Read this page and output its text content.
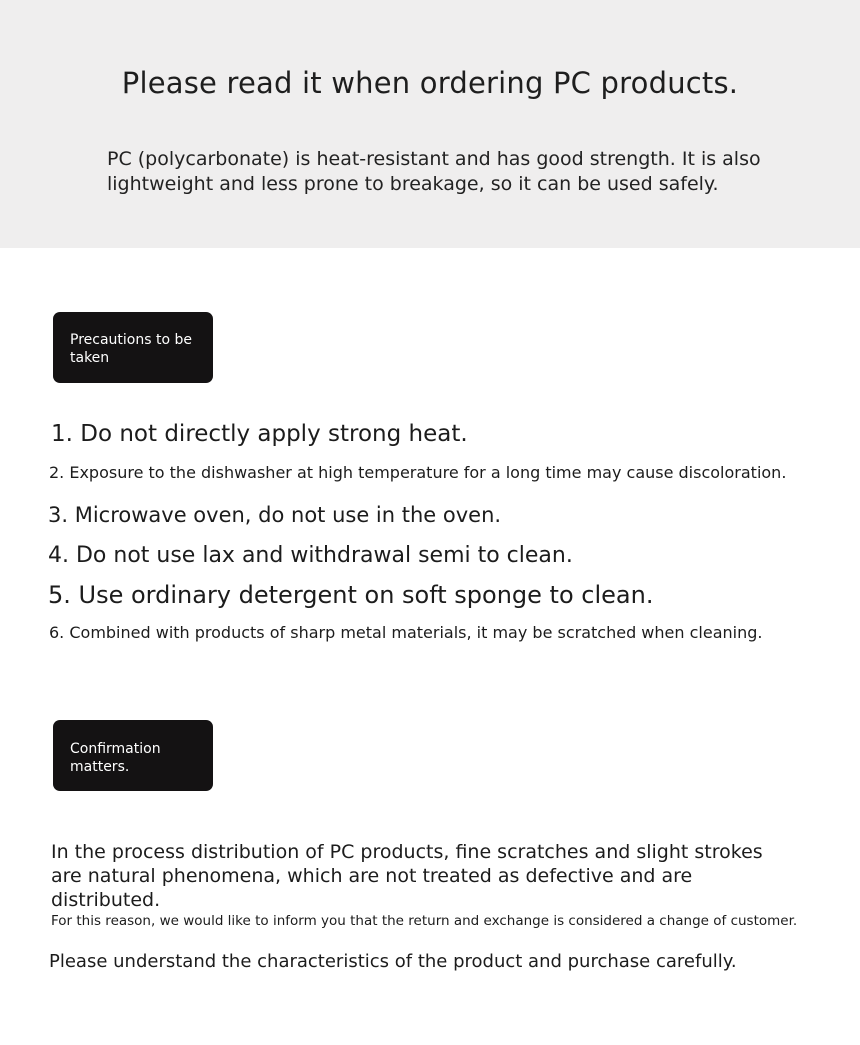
Please read it when ordering PC products.

PC (polycarbonate) is heat-resistant and has good strength. It is also lightweight and less prone to breakage, so it can be used safely.

Precautions to be taken

1. Do not directly apply strong heat.

2. Exposure to the dishwasher at high temperature for a long time may cause discoloration.

3. Microwave oven, do not use in the oven.

4. Do not use lax and withdrawal semi to clean.

5. Use ordinary detergent on soft sponge to clean.

6. Combined with products of sharp metal materials, it may be scratched when cleaning.

Confirmation matters.

In the process distribution of PC products, fine scratches and slight strokes are natural phenomena, which are not treated as defective and are distributed.

For this reason, we would like to inform you that the return and exchange is considered a change of customer.

Please understand the characteristics of the product and purchase carefully.
